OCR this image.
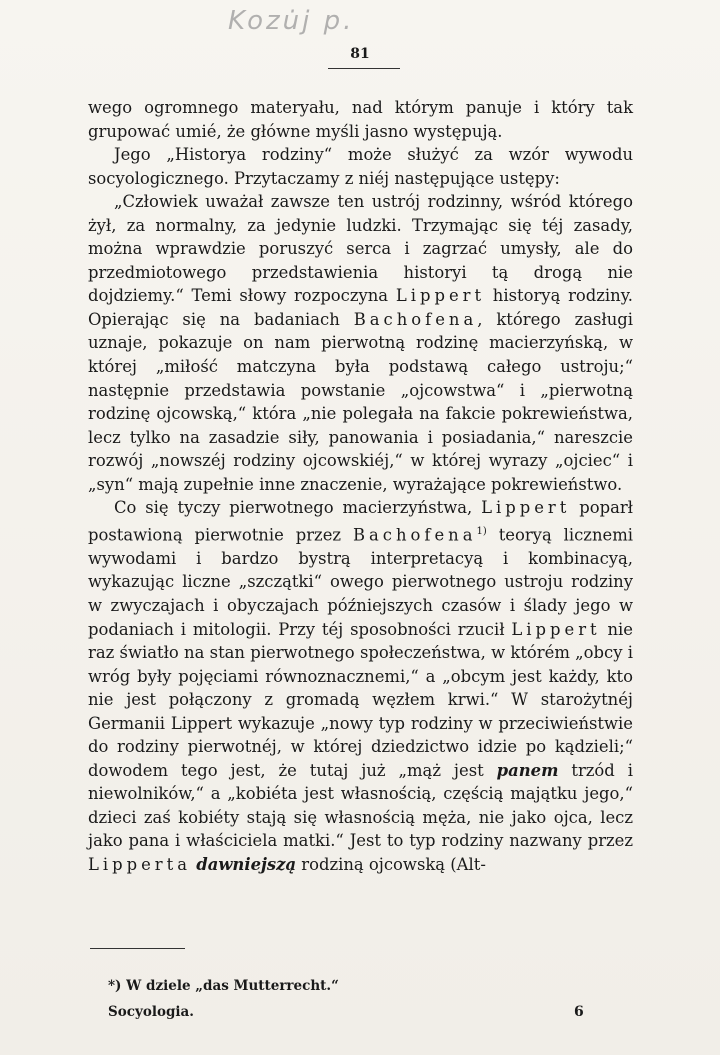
Kozu̇j p.
81

wego ogromnego materyału, nad którym panuje i który tak grupować umié, że główne myśli jasno występują.

Jego „Historya rodziny“ może służyć za wzór wywodu socyologicznego. Przytaczamy z niéj następujące ustępy:

„Człowiek uważał zawsze ten ustrój rodzinny, wśród którego żył, za normalny, za jedynie ludzki. Trzymając się téj zasady, można wprawdzie poruszyć serca i zagrzać umysły, ale do przedmiotowego przedstawienia historyi tą drogą nie dojdziemy.“ Temi słowy rozpoczyna Lippert historyą rodziny. Opierając się na badaniach Bachofena, którego zasługi uznaje, pokazuje on nam pierwotną rodzinę macierzyńską, w której „miłość matczyna była podstawą całego ustroju;“ następnie przedstawia powstanie „ojcowstwa“ i „pierwotną rodzinę ojcowską,“ która „nie polegała na fakcie pokrewieństwa, lecz tylko na zasadzie siły, panowania i posiadania,“ nareszcie rozwój „nowszéj rodziny ojcowskiéj,“ w której wyrazy „ojciec“ i „syn“ mają zupełnie inne znaczenie, wyrażające pokrewieństwo.

Co się tyczy pierwotnego macierzyństwa, Lippert poparł postawioną pierwotnie przez Bachofena$^{1)}$ teoryą licznemi wywodami i bardzo bystrą interpretacyą i kombinacyą, wykazując liczne „szczątki“ owego pierwotnego ustroju rodziny w zwyczajach i obyczajach późniejszych czasów i ślady jego w podaniach i mitologii. Przy téj sposobności rzucił Lippert nie raz światło na stan pierwotnego społeczeństwa, w którém „obcy i wróg były pojęciami równoznacznemi,“ a „obcym jest każdy, kto nie jest połączony z gromadą węzłem krwi.“ W starożytnéj Germanii Lippert wykazuje „nowy typ rodziny w przeciwieństwie do rodziny pierwotnéj, w której dziedzictwo idzie po kądzieli;“ dowodem tego jest, że tutaj już „mąż jest panem trzód i niewolników,“ a „kobiéta jest własnością, częścią majątku jego,“ dzieci zaś kobiéty stają się własnością męża, nie jako ojca, lecz jako pana i właściciela matki.“ Jest to typ rodziny nazwany przez Lipperta dawniejszą rodziną ojcowską (Alt-

*) W dziele „das Mutterrecht.“
Socyologia.	6
